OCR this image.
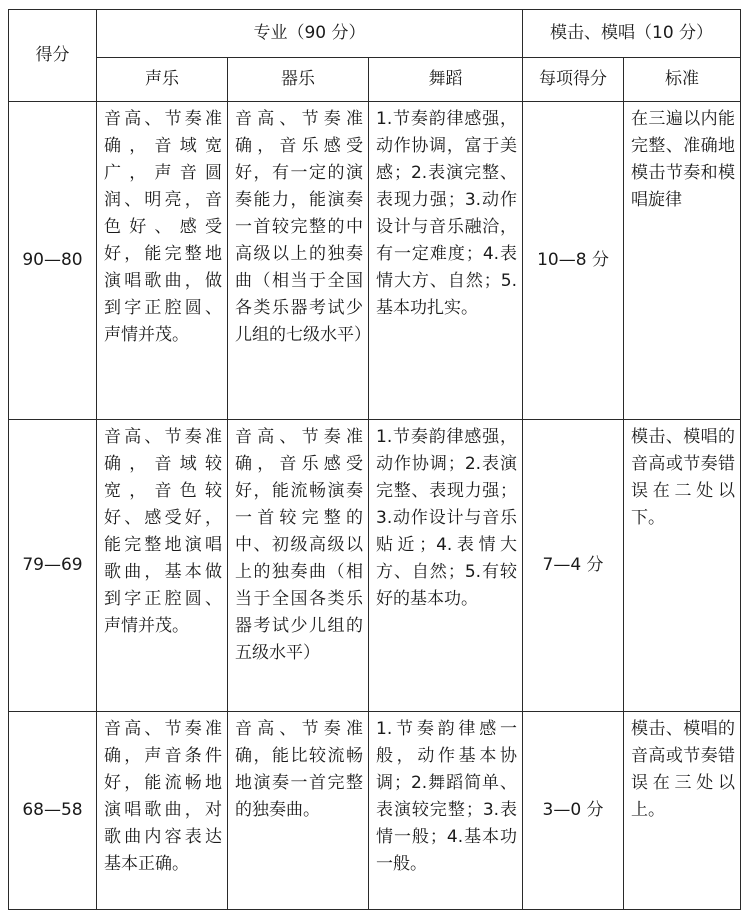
得分	专业（90 分）			模击、模唱（10 分）	
	声乐	器乐	舞蹈	每项得分	标准
90—80	音高、节奏准确，音域宽广，声音圆润、明亮，音色好、感受好，能完整地演唱歌曲，做到字正腔圆、声情并茂。	音高、节奏准确，音乐感受好，有一定的演奏能力，能演奏一首较完整的中高级以上的独奏曲（相当于全国各类乐器考试少儿组的七级水平）	1.节奏韵律感强，动作协调，富于美感；2.表演完整、表现力强；3.动作设计与音乐融洽，有一定难度；4.表情大方、自然；5.基本功扎实。	10—8 分	在三遍以内能完整、准确地模击节奏和模唱旋律
79—69	音高、节奏准确，音域较宽，音色较好、感受好，能完整地演唱歌曲，基本做到字正腔圆、声情并茂。	音高、节奏准确，音乐感受好，能流畅演奏一首较完整的中、初级高级以上的独奏曲（相当于全国各类乐器考试少儿组的五级水平）	1.节奏韵律感强，动作协调；2.表演完整、表现力强；3.动作设计与音乐贴近；4.表情大方、自然；5.有较好的基本功。	7—4 分	模击、模唱的音高或节奏错误在二处以下。
68—58	音高、节奏准确，声音条件好，能流畅地演唱歌曲，对歌曲内容表达基本正确。	音高、节奏准确，能比较流畅地演奏一首完整的独奏曲。	1.节奏韵律感一般，动作基本协调；2.舞蹈简单、表演较完整；3.表情一般；4.基本功一般。	3—0 分	模击、模唱的音高或节奏错误在三处以上。
